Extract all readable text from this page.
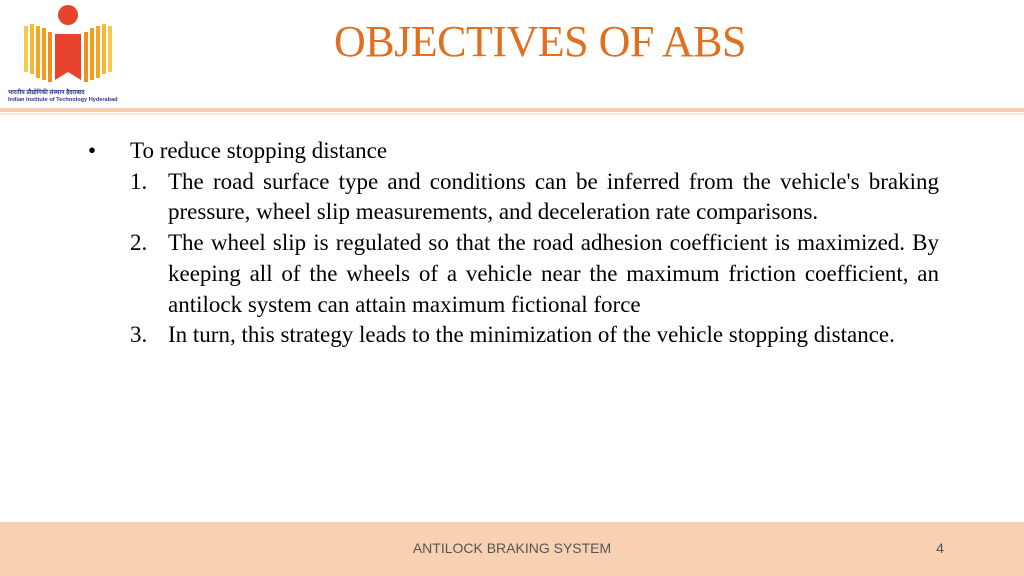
भारतीय प्रौद्योगिकी संस्थान हैदराबाद
Indian Institute of Technology Hyderabad
OBJECTIVES OF ABS
• To reduce stopping distance
1. The road surface type and conditions can be inferred from the vehicle's braking pressure, wheel slip measurements, and deceleration rate comparisons.
2. The wheel slip is regulated so that the road adhesion coefficient is maximized. By keeping all of the wheels of a vehicle near the maximum friction coefficient, an antilock system can attain maximum fictional force
3. In turn, this strategy leads to the minimization of the vehicle stopping distance.
ANTILOCK BRAKING SYSTEM	4
